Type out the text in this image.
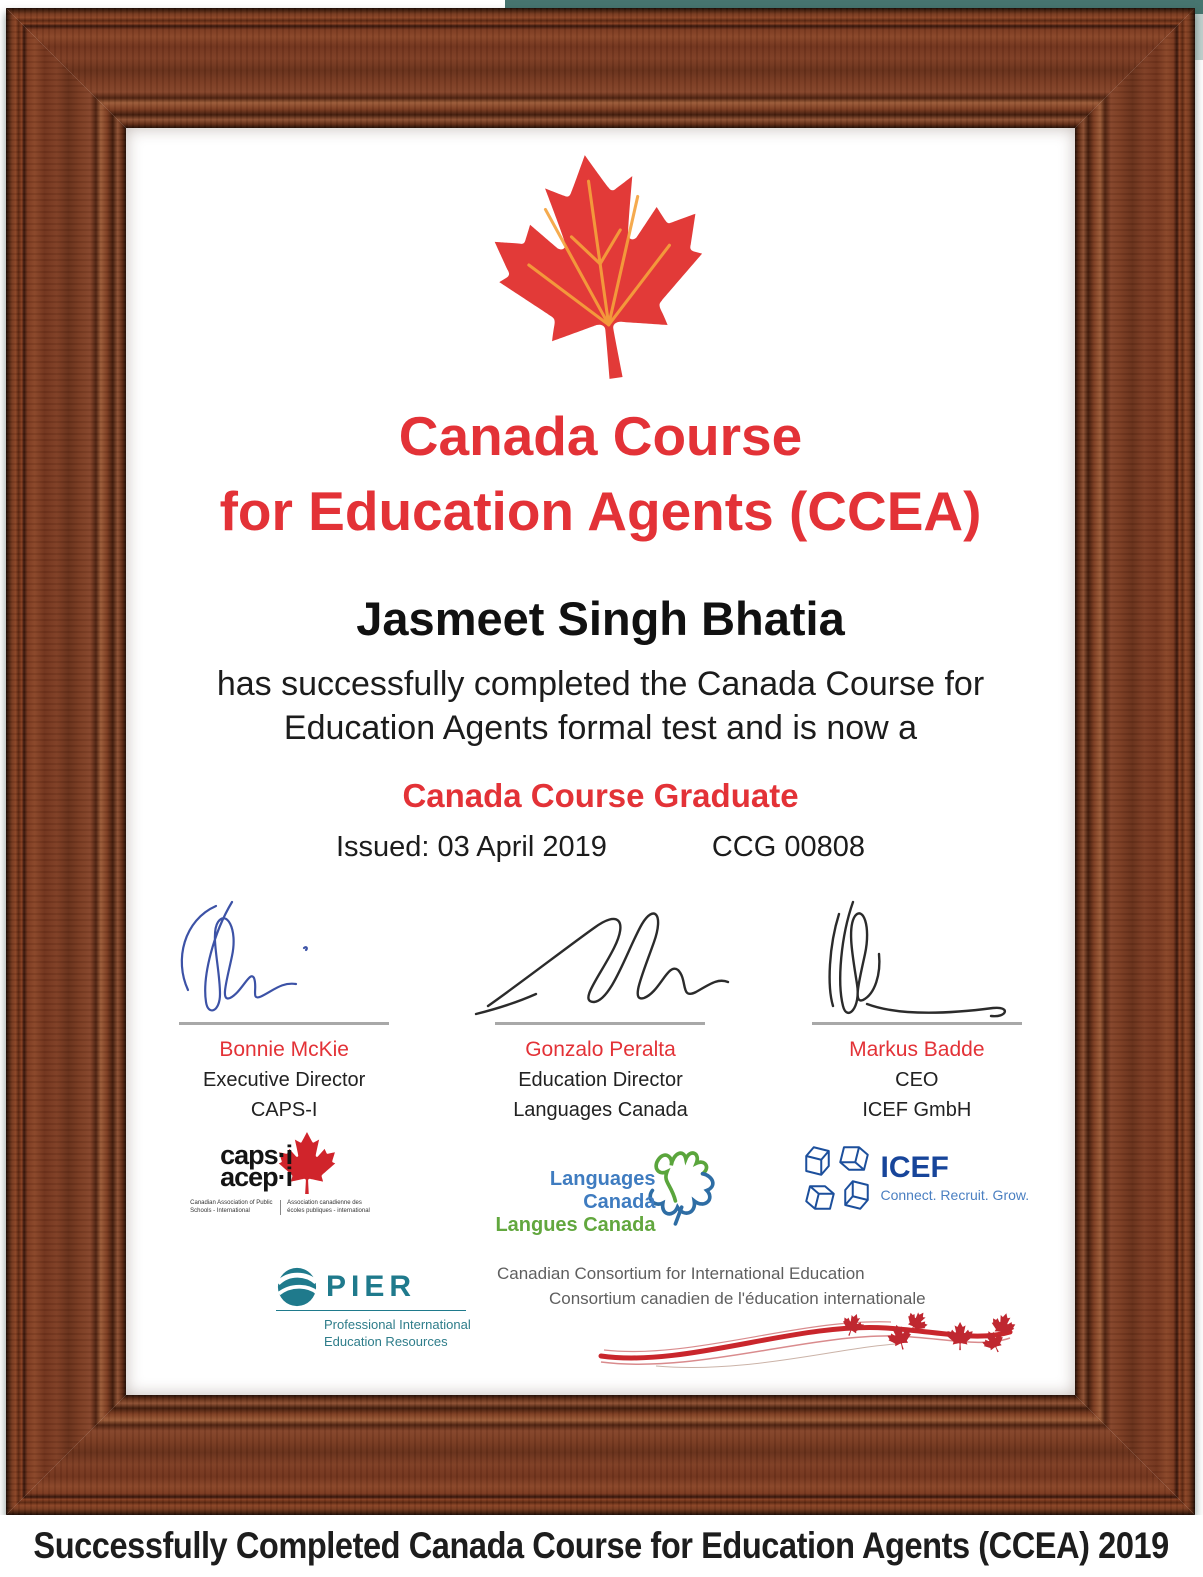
Canada Course
for Education Agents (CCEA)
Jasmeet Singh Bhatia
has successfully completed the Canada Course for
Education Agents formal test and is now a
Canada Course Graduate
Issued: 03 April 2019	CCG 00808
Bonnie McKie
Executive Director
CAPS-I
Gonzalo Peralta
Education Director
Languages Canada
Markus Badde
CEO
ICEF GmbH
caps·i
acep·i
Canadian Association of Public Schools - International
Association canadienne des écoles publiques - international
Languages Canada
Langues Canada
ICEF
Connect. Recruit. Grow.
PIER
Professional International
Education Resources
Canadian Consortium for International Education
Consortium canadien de l'éducation internationale
Successfully Completed Canada Course for Education Agents (CCEA) 2019
